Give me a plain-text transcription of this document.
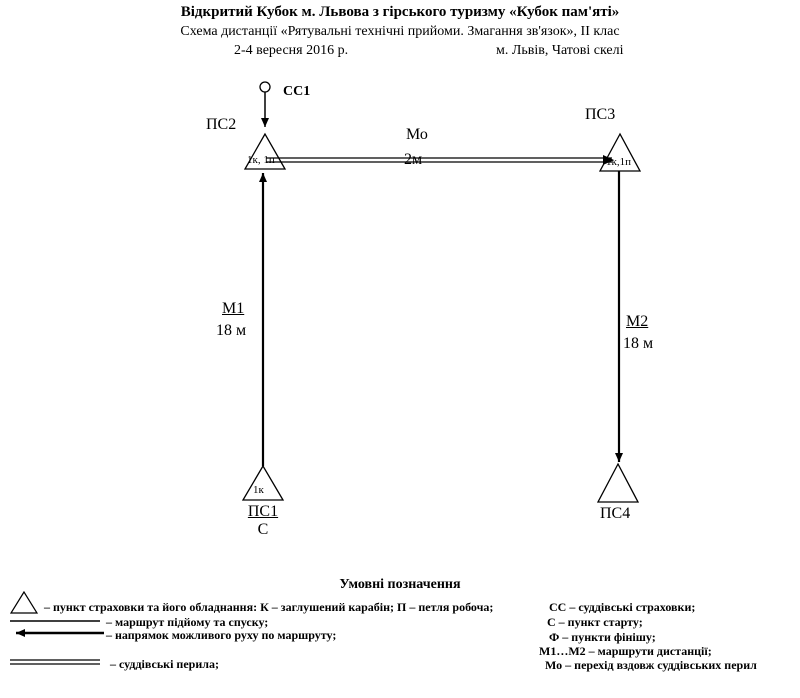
Відкритий Кубок м. Львова з гірського туризму «Кубок пам'яті»
Схема дистанції «Рятувальні технічні прийоми. Змагання зв'язок», ІІ клас
2-4 вересня 2016 р.	м. Львів, Чатові скелі
СС1
ПС2
1к, 1п
ПС3
1к,1п
Мо
2м
М1
18 м
М2
18 м
1к
ПС1
С
ПС4
Умовні позначення
– пункт страховки та його обладнання: К – заглушений карабін; П – петля робоча;
– маршрут підйому та спуску;
– напрямок можливого руху по маршруту;
– суддівські перила;
СС – суддівські страховки;
С – пункт старту;
Ф – пункти фінішу;
М1…М2 – маршрути дистанції;
Мо – перехід вздовж суддівських перил
